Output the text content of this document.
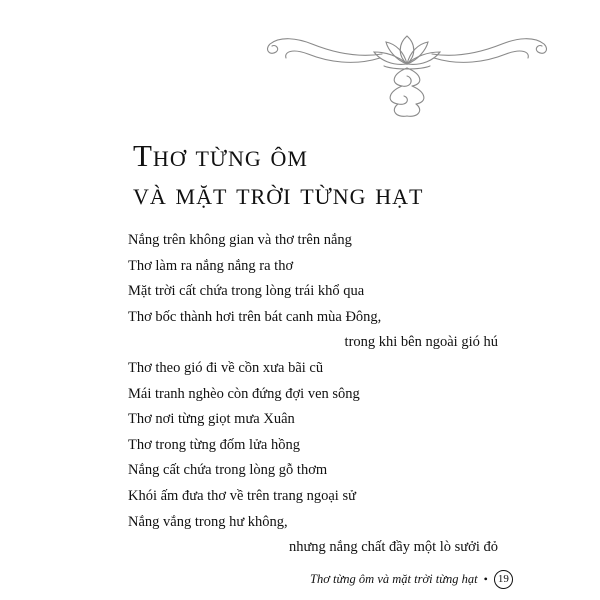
Thơ từng ôm
và mặt trời từng hạt
Nắng trên không gian và thơ trên nắng
Thơ làm ra nắng nắng ra thơ
Mặt trời cất chứa trong lòng trái khổ qua
Thơ bốc thành hơi trên bát canh mùa Đông,
trong khi bên ngoài gió hú
Thơ theo gió đi về cồn xưa bãi cũ
Mái tranh nghèo còn đứng đợi ven sông
Thơ nơi từng giọt mưa Xuân
Thơ trong từng đốm lửa hồng
Nắng cất chứa trong lòng gỗ thơm
Khói ấm đưa thơ về trên trang ngoại sử
Nắng vắng trong hư không,
nhưng nắng chất đầy một lò sưởi đỏ
Thơ từng ôm và mặt trời từng hạt • 19
